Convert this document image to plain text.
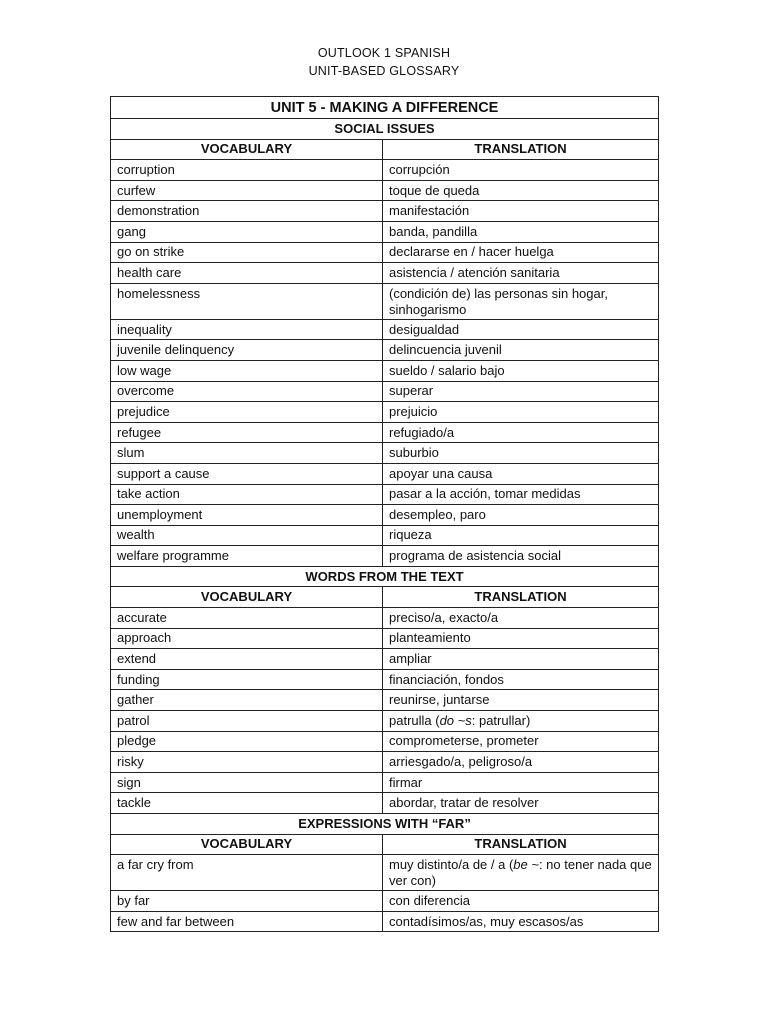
OUTLOOK 1 SPANISH
UNIT-BASED GLOSSARY
UNIT 5 - MAKING A DIFFERENCE	
SOCIAL ISSUES	
VOCABULARY	TRANSLATION
corruption	corrupción
curfew	toque de queda
demonstration	manifestación
gang	banda, pandilla
go on strike	declararse en / hacer huelga
health care	asistencia / atención sanitaria
homelessness	(condición de) las personas sin hogar, sinhogarismo
inequality	desigualdad
juvenile delinquency	delincuencia juvenil
low wage	sueldo / salario bajo
overcome	superar
prejudice	prejuicio
refugee	refugiado/a
slum	suburbio
support a cause	apoyar una causa
take action	pasar a la acción, tomar medidas
unemployment	desempleo, paro
wealth	riqueza
welfare programme	programa de asistencia social
WORDS FROM THE TEXT	
VOCABULARY	TRANSLATION
accurate	preciso/a, exacto/a
approach	planteamiento
extend	ampliar
funding	financiación, fondos
gather	reunirse, juntarse
patrol	patrulla (do ~s: patrullar)
pledge	comprometerse, prometer
risky	arriesgado/a, peligroso/a
sign	firmar
tackle	abordar, tratar de resolver
EXPRESSIONS WITH “FAR”	
VOCABULARY	TRANSLATION
a far cry from	muy distinto/a de / a (be ~: no tener nada que ver con)
by far	con diferencia
few and far between	contadísimos/as, muy escasos/as
